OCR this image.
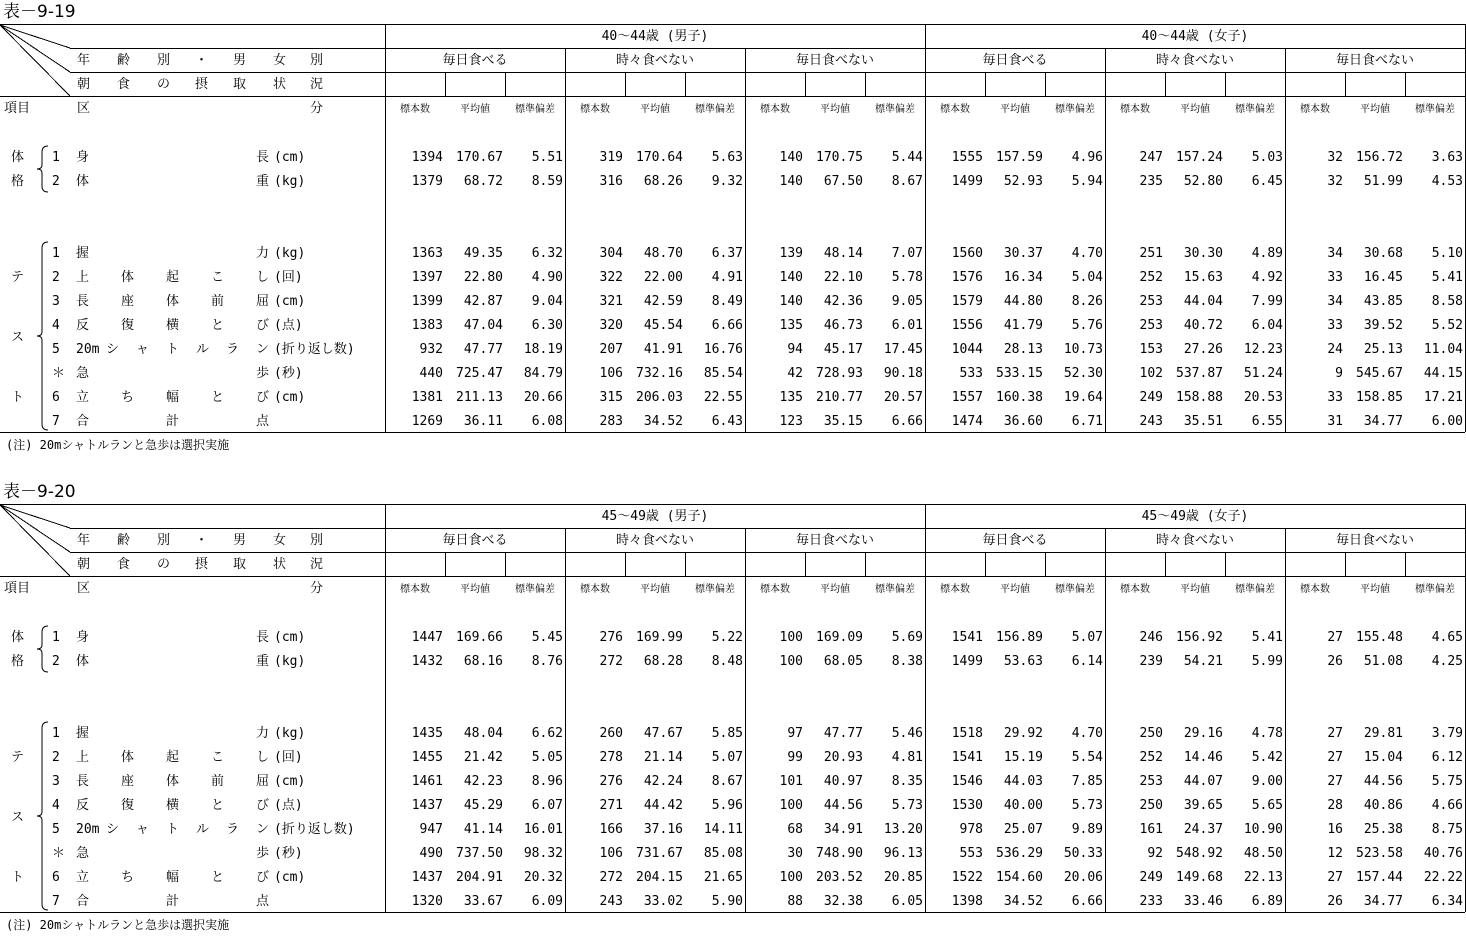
表－9-19
年 齢 別 ・ 男 女 別
朝 食 の 摂 取 状 況
区	分
項目
40～44歳 (男子)	40～44歳 (女子)
毎日食べる
標本数	平均値	標準偏差
時々食べない
標本数	平均値	標準偏差
毎日食べない
標本数	平均値	標準偏差
毎日食べる
標本数	平均値	標準偏差
時々食べない
標本数	平均値	標準偏差
毎日食べない
標本数	平均値	標準偏差
体
格
テ
ス
ト
1 身	長 (cm)	1394	170.67	5.51	319	170.64	5.63	140	170.75	5.44	1555	157.59	4.96	247	157.24	5.03	32	156.72	3.63
2 体	重 (kg)	1379	68.72	8.59	316	68.26	9.32	140	67.50	8.67	1499	52.93	5.94	235	52.80	6.45	32	51.99	4.53
1 握	力 (kg)	1363	49.35	6.32	304	48.70	6.37	139	48.14	7.07	1560	30.37	4.70	251	30.30	4.89	34	30.68	5.10
2 上 体 起 こ し (回)	1397	22.80	4.90	322	22.00	4.91	140	22.10	5.78	1576	16.34	5.04	252	15.63	4.92	33	16.45	5.41
3 長 座 体 前 屈 (cm)	1399	42.87	9.04	321	42.59	8.49	140	42.36	9.05	1579	44.80	8.26	253	44.04	7.99	34	43.85	8.58
4 反 復 横 と び (点)	1383	47.04	6.30	320	45.54	6.66	135	46.73	6.01	1556	41.79	5.76	253	40.72	6.04	33	39.52	5.52
5 20m シ ャ ト ル ラ ン (折り返し数)	932	47.77	18.19	207	41.91	16.76	94	45.17	17.45	1044	28.13	10.73	153	27.26	12.23	24	25.13	11.04
＊ 急	歩 (秒)	440	725.47	84.79	106	732.16	85.54	42	728.93	90.18	533	533.15	52.30	102	537.87	51.24	9	545.67	44.15
6 立 ち 幅 と び (cm)	1381	211.13	20.66	315	206.03	22.55	135	210.77	20.57	1557	160.38	19.64	249	158.88	20.53	33	158.85	17.21
7 合	計	点	1269	36.11	6.08	283	34.52	6.43	123	35.15	6.66	1474	36.60	6.71	243	35.51	6.55	31	34.77	6.00
(注) 20mシャトルランと急歩は選択実施
表－9-20
年 齢 別 ・ 男 女 別
朝 食 の 摂 取 状 況
区	分
項目
45～49歳 (男子)	45～49歳 (女子)
毎日食べる
標本数	平均値	標準偏差
時々食べない
標本数	平均値	標準偏差
毎日食べない
標本数	平均値	標準偏差
毎日食べる
標本数	平均値	標準偏差
時々食べない
標本数	平均値	標準偏差
毎日食べない
標本数	平均値	標準偏差
体
格
テ
ス
ト
1 身	長 (cm)	1447	169.66	5.45	276	169.99	5.22	100	169.09	5.69	1541	156.89	5.07	246	156.92	5.41	27	155.48	4.65
2 体	重 (kg)	1432	68.16	8.76	272	68.28	8.48	100	68.05	8.38	1499	53.63	6.14	239	54.21	5.99	26	51.08	4.25
1 握	力 (kg)	1435	48.04	6.62	260	47.67	5.85	97	47.77	5.46	1518	29.92	4.70	250	29.16	4.78	27	29.81	3.79
2 上 体 起 こ し (回)	1455	21.42	5.05	278	21.14	5.07	99	20.93	4.81	1541	15.19	5.54	252	14.46	5.42	27	15.04	6.12
3 長 座 体 前 屈 (cm)	1461	42.23	8.96	276	42.24	8.67	101	40.97	8.35	1546	44.03	7.85	253	44.07	9.00	27	44.56	5.75
4 反 復 横 と び (点)	1437	45.29	6.07	271	44.42	5.96	100	44.56	5.73	1530	40.00	5.73	250	39.65	5.65	28	40.86	4.66
5 20m シ ャ ト ル ラ ン (折り返し数)	947	41.14	16.01	166	37.16	14.11	68	34.91	13.20	978	25.07	9.89	161	24.37	10.90	16	25.38	8.75
＊ 急	歩 (秒)	490	737.50	98.32	106	731.67	85.08	30	748.90	96.13	553	536.29	50.33	92	548.92	48.50	12	523.58	40.76
6 立 ち 幅 と び (cm)	1437	204.91	20.32	272	204.15	21.65	100	203.52	20.85	1522	154.60	20.06	249	149.68	22.13	27	157.44	22.22
7 合	計	点	1320	33.67	6.09	243	33.02	5.90	88	32.38	6.05	1398	34.52	6.66	233	33.46	6.89	26	34.77	6.34
(注) 20mシャトルランと急歩は選択実施
